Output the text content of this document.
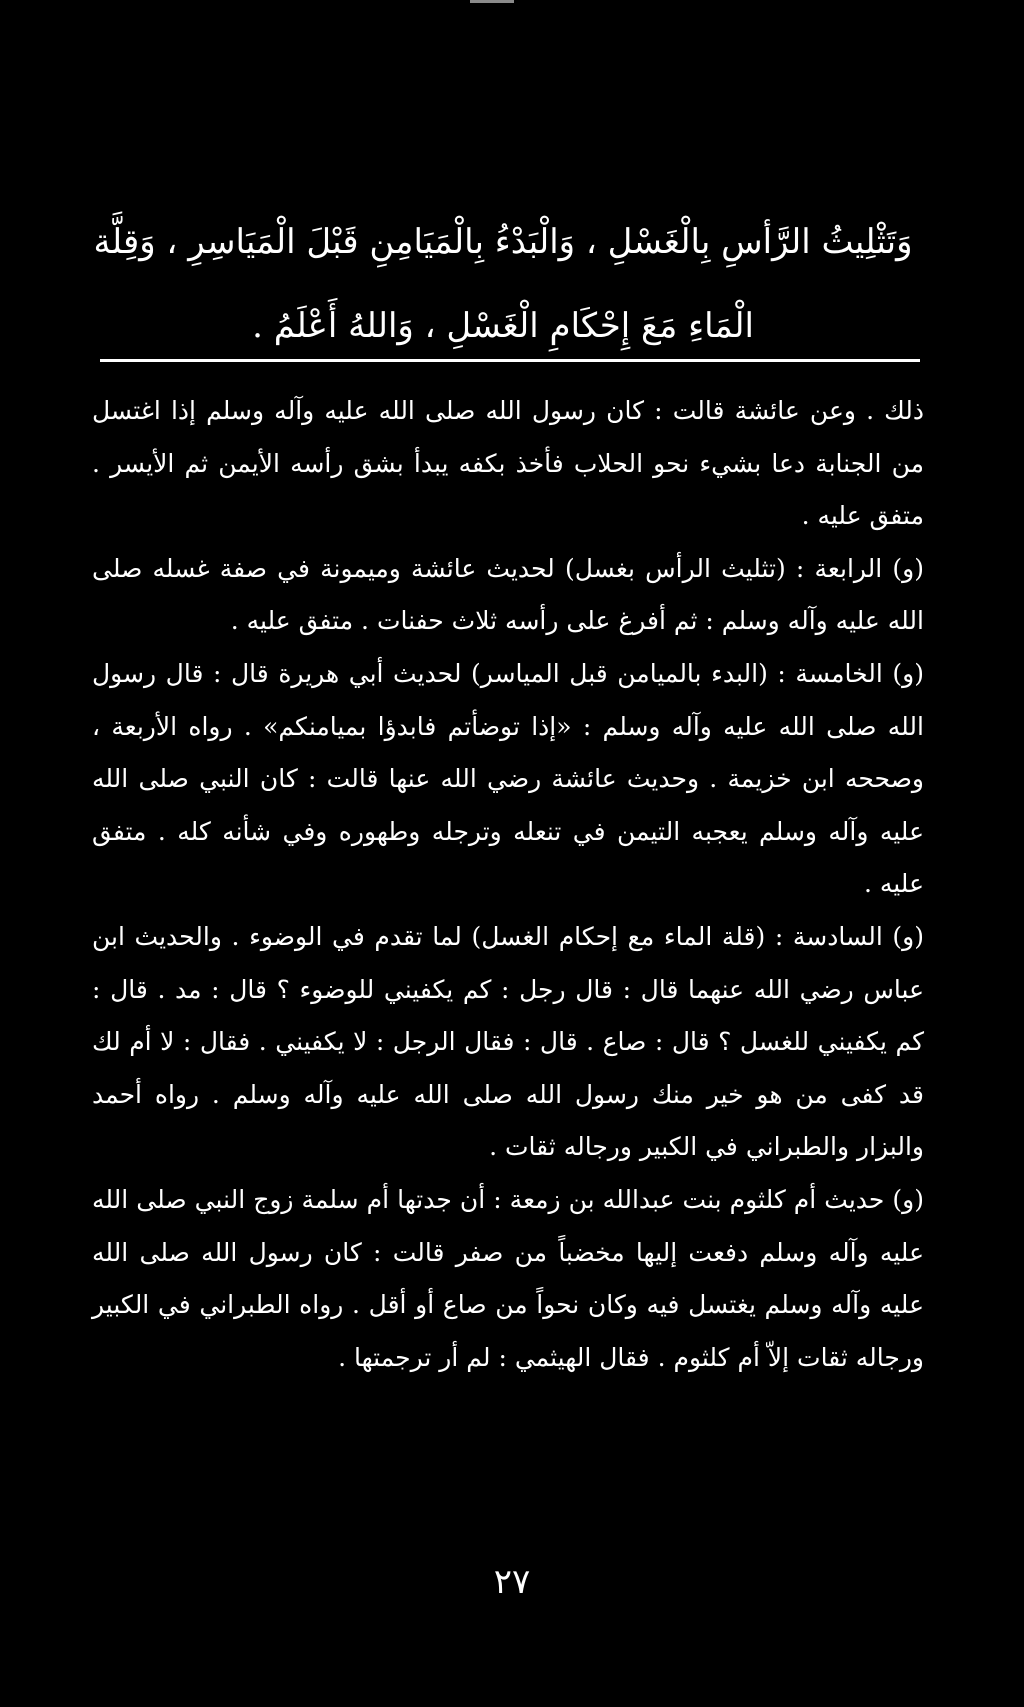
وَتَثْلِيثُ الرَّأسِ بِالْغَسْلِ ، وَالْبَدْءُ بِالْمَيَامِنِ قَبْلَ الْمَيَاسِرِ ، وَقِلَّة

الْمَاءِ مَعَ إِحْكَامِ الْغَسْلِ ، وَاللهُ أَعْلَمُ .

ذلك . وعن عائشة قالت : كان رسول الله صلى الله عليه وآله وسلم إذا اغتسل من الجنابة دعا بشيء نحو الحلاب فأخذ بكفه يبدأ بشق رأسه الأيمن ثم الأيسر . متفق عليه .

(و) الرابعة : (تثليث الرأس بغسل) لحديث عائشة وميمونة في صفة غسله صلى الله عليه وآله وسلم : ثم أفرغ على رأسه ثلاث حفنات . متفق عليه .

(و) الخامسة : (البدء بالميامن قبل المياسر) لحديث أبي هريرة قال : قال رسول الله صلى الله عليه وآله وسلم : «إذا توضأتم فابدؤا بميامنكم» . رواه الأربعة ، وصححه ابن خزيمة . وحديث عائشة رضي الله عنها قالت : كان النبي صلى الله عليه وآله وسلم يعجبه التيمن في تنعله وترجله وطهوره وفي شأنه كله . متفق عليه .

(و) السادسة : (قلة الماء مع إحكام الغسل) لما تقدم في الوضوء . والحديث ابن عباس رضي الله عنهما قال : قال رجل : كم يكفيني للوضوء ؟ قال : مد . قال : كم يكفيني للغسل ؟ قال : صاع . قال : فقال الرجل : لا يكفيني . فقال : لا أم لك قد كفى من هو خير منك رسول الله صلى الله عليه وآله وسلم . رواه أحمد والبزار والطبراني في الكبير ورجاله ثقات .

(و) حديث أم كلثوم بنت عبدالله بن زمعة : أن جدتها أم سلمة زوج النبي صلى الله عليه وآله وسلم دفعت إليها مخضباً من صفر قالت : كان رسول الله صلى الله عليه وآله وسلم يغتسل فيه وكان نحواً من صاع أو أقل . رواه الطبراني في الكبير ورجاله ثقات إلاّ أم كلثوم . فقال الهيثمي : لم أر ترجمتها .

٢٧
